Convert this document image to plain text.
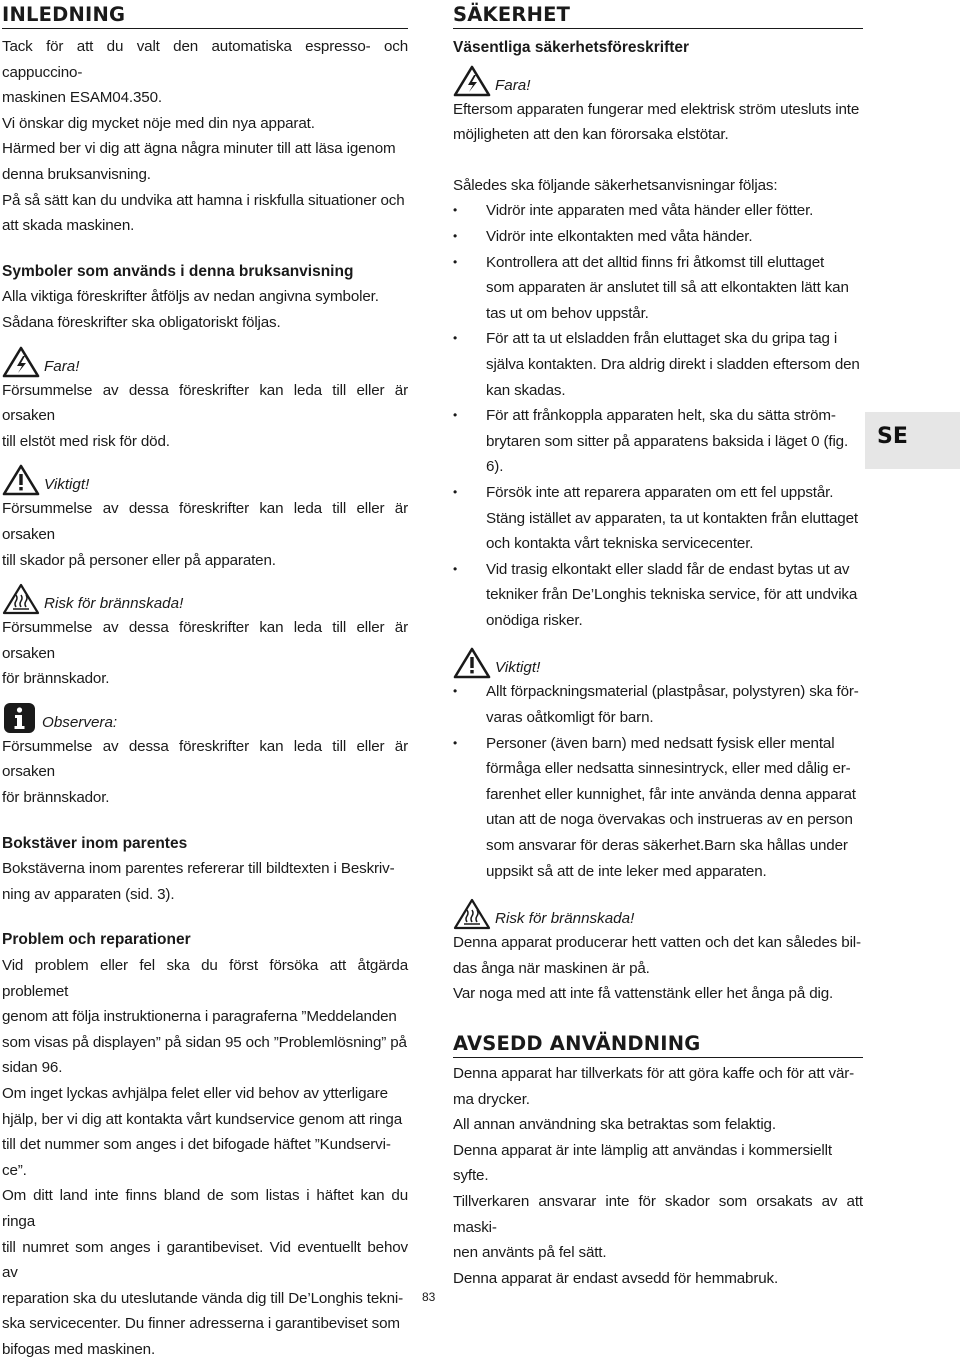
INLEDNING

Tack för att du valt den automatiska espresso- och cappuccino-

maskinen ESAM04.350.

Vi önskar dig mycket nöje med din nya apparat.

Härmed ber vi dig att ägna några minuter till att läsa igenom

denna bruksanvisning.

På så sätt kan du undvika att hamna i riskfulla situationer och

att skada maskinen.

Symboler som används i denna bruksanvisning

Alla viktiga föreskrifter åtföljs av nedan angivna symboler.

Sådana föreskrifter ska obligatoriskt följas.

Fara!

Försummelse av dessa föreskrifter kan leda till eller är orsaken

till elstöt med risk för död.

Viktigt!

Försummelse av dessa föreskrifter kan leda till eller är orsaken

till skador på personer eller på apparaten.

Risk för brännskada!

Försummelse av dessa föreskrifter kan leda till eller är orsaken

för brännskador.

Observera:

Försummelse av dessa föreskrifter kan leda till eller är orsaken

för brännskador.

Bokstäver inom parentes

Bokstäverna inom parentes refererar till bildtexten i Beskriv-

ning av apparaten (sid. 3).

Problem och reparationer

Vid problem eller fel ska du först försöka att åtgärda problemet

genom att följa instruktionerna i paragraferna ”Meddelanden

som visas på displayen” på sidan 95 och ”Problemlösning” på

sidan 96.

Om inget lyckas avhjälpa felet eller vid behov av ytterligare

hjälp, ber vi dig att kontakta vårt kundservice genom att ringa

till det nummer som anges i det bifogade häftet ”Kundservi-

ce”.

Om ditt land inte finns bland de som listas i häftet kan du ringa

till numret som anges i garantibeviset. Vid eventuellt behov av

reparation ska du uteslutande vända dig till De’Longhis tekni-

ska servicecenter. Du finner adresserna i garantibeviset som

bifogas med maskinen.

SÄKERHET

Väsentliga säkerhetsföreskrifter

Fara!

Eftersom apparaten fungerar med elektrisk ström utesluts inte

möjligheten att den kan förorsaka elstötar.

Således ska följande säkerhetsanvisningar följas:

• Vidrör inte apparaten med våta händer eller fötter.
• Vidrör inte elkontakten med våta händer.
• Kontrollera att det alltid finns fri åtkomst till eluttaget
som apparaten är anslutet till så att elkontakten lätt kan
tas ut om behov uppstår.
• För att ta ut elsladden från eluttaget ska du gripa tag i
själva kontakten. Dra aldrig direkt i sladden eftersom den
kan skadas.
• För att frånkoppla apparaten helt, ska du sätta ström-
brytaren som sitter på apparatens baksida i läget 0 (fig.
6).
• Försök inte att reparera apparaten om ett fel uppstår.
Stäng istället av apparaten, ta ut kontakten från eluttaget
och kontakta vårt tekniska servicecenter.
• Vid trasig elkontakt eller sladd får de endast bytas ut av
tekniker från De’Longhis tekniska service, för att undvika
onödiga risker.
Viktigt!
• Allt förpackningsmaterial (plastpåsar, polystyren) ska för-
varas oåtkomligt för barn.
• Personer (även barn) med nedsatt fysisk eller mental
förmåga eller nedsatta sinnesintryck, eller med dålig er-
farenhet eller kunnighet, får inte använda denna apparat
utan att de noga övervakas och instrueras av en person
som ansvarar för deras säkerhet.Barn ska hållas under
uppsikt så att de inte leker med apparaten.
Risk för brännskada!

Denna apparat producerar hett vatten och det kan således bil-

das ånga när maskinen är på.

Var noga med att inte få vattenstänk eller het ånga på dig.

AVSEDD ANVÄNDNING

Denna apparat har tillverkats för att göra kaffe och för att vär-

ma drycker.

All annan användning ska betraktas som felaktig.

Denna apparat är inte lämplig att användas i kommersiellt

syfte.

Tillverkaren ansvarar inte för skador som orsakats av att maski-

nen använts på fel sätt.

Denna apparat är endast avsedd för hemmabruk.

SE
83
